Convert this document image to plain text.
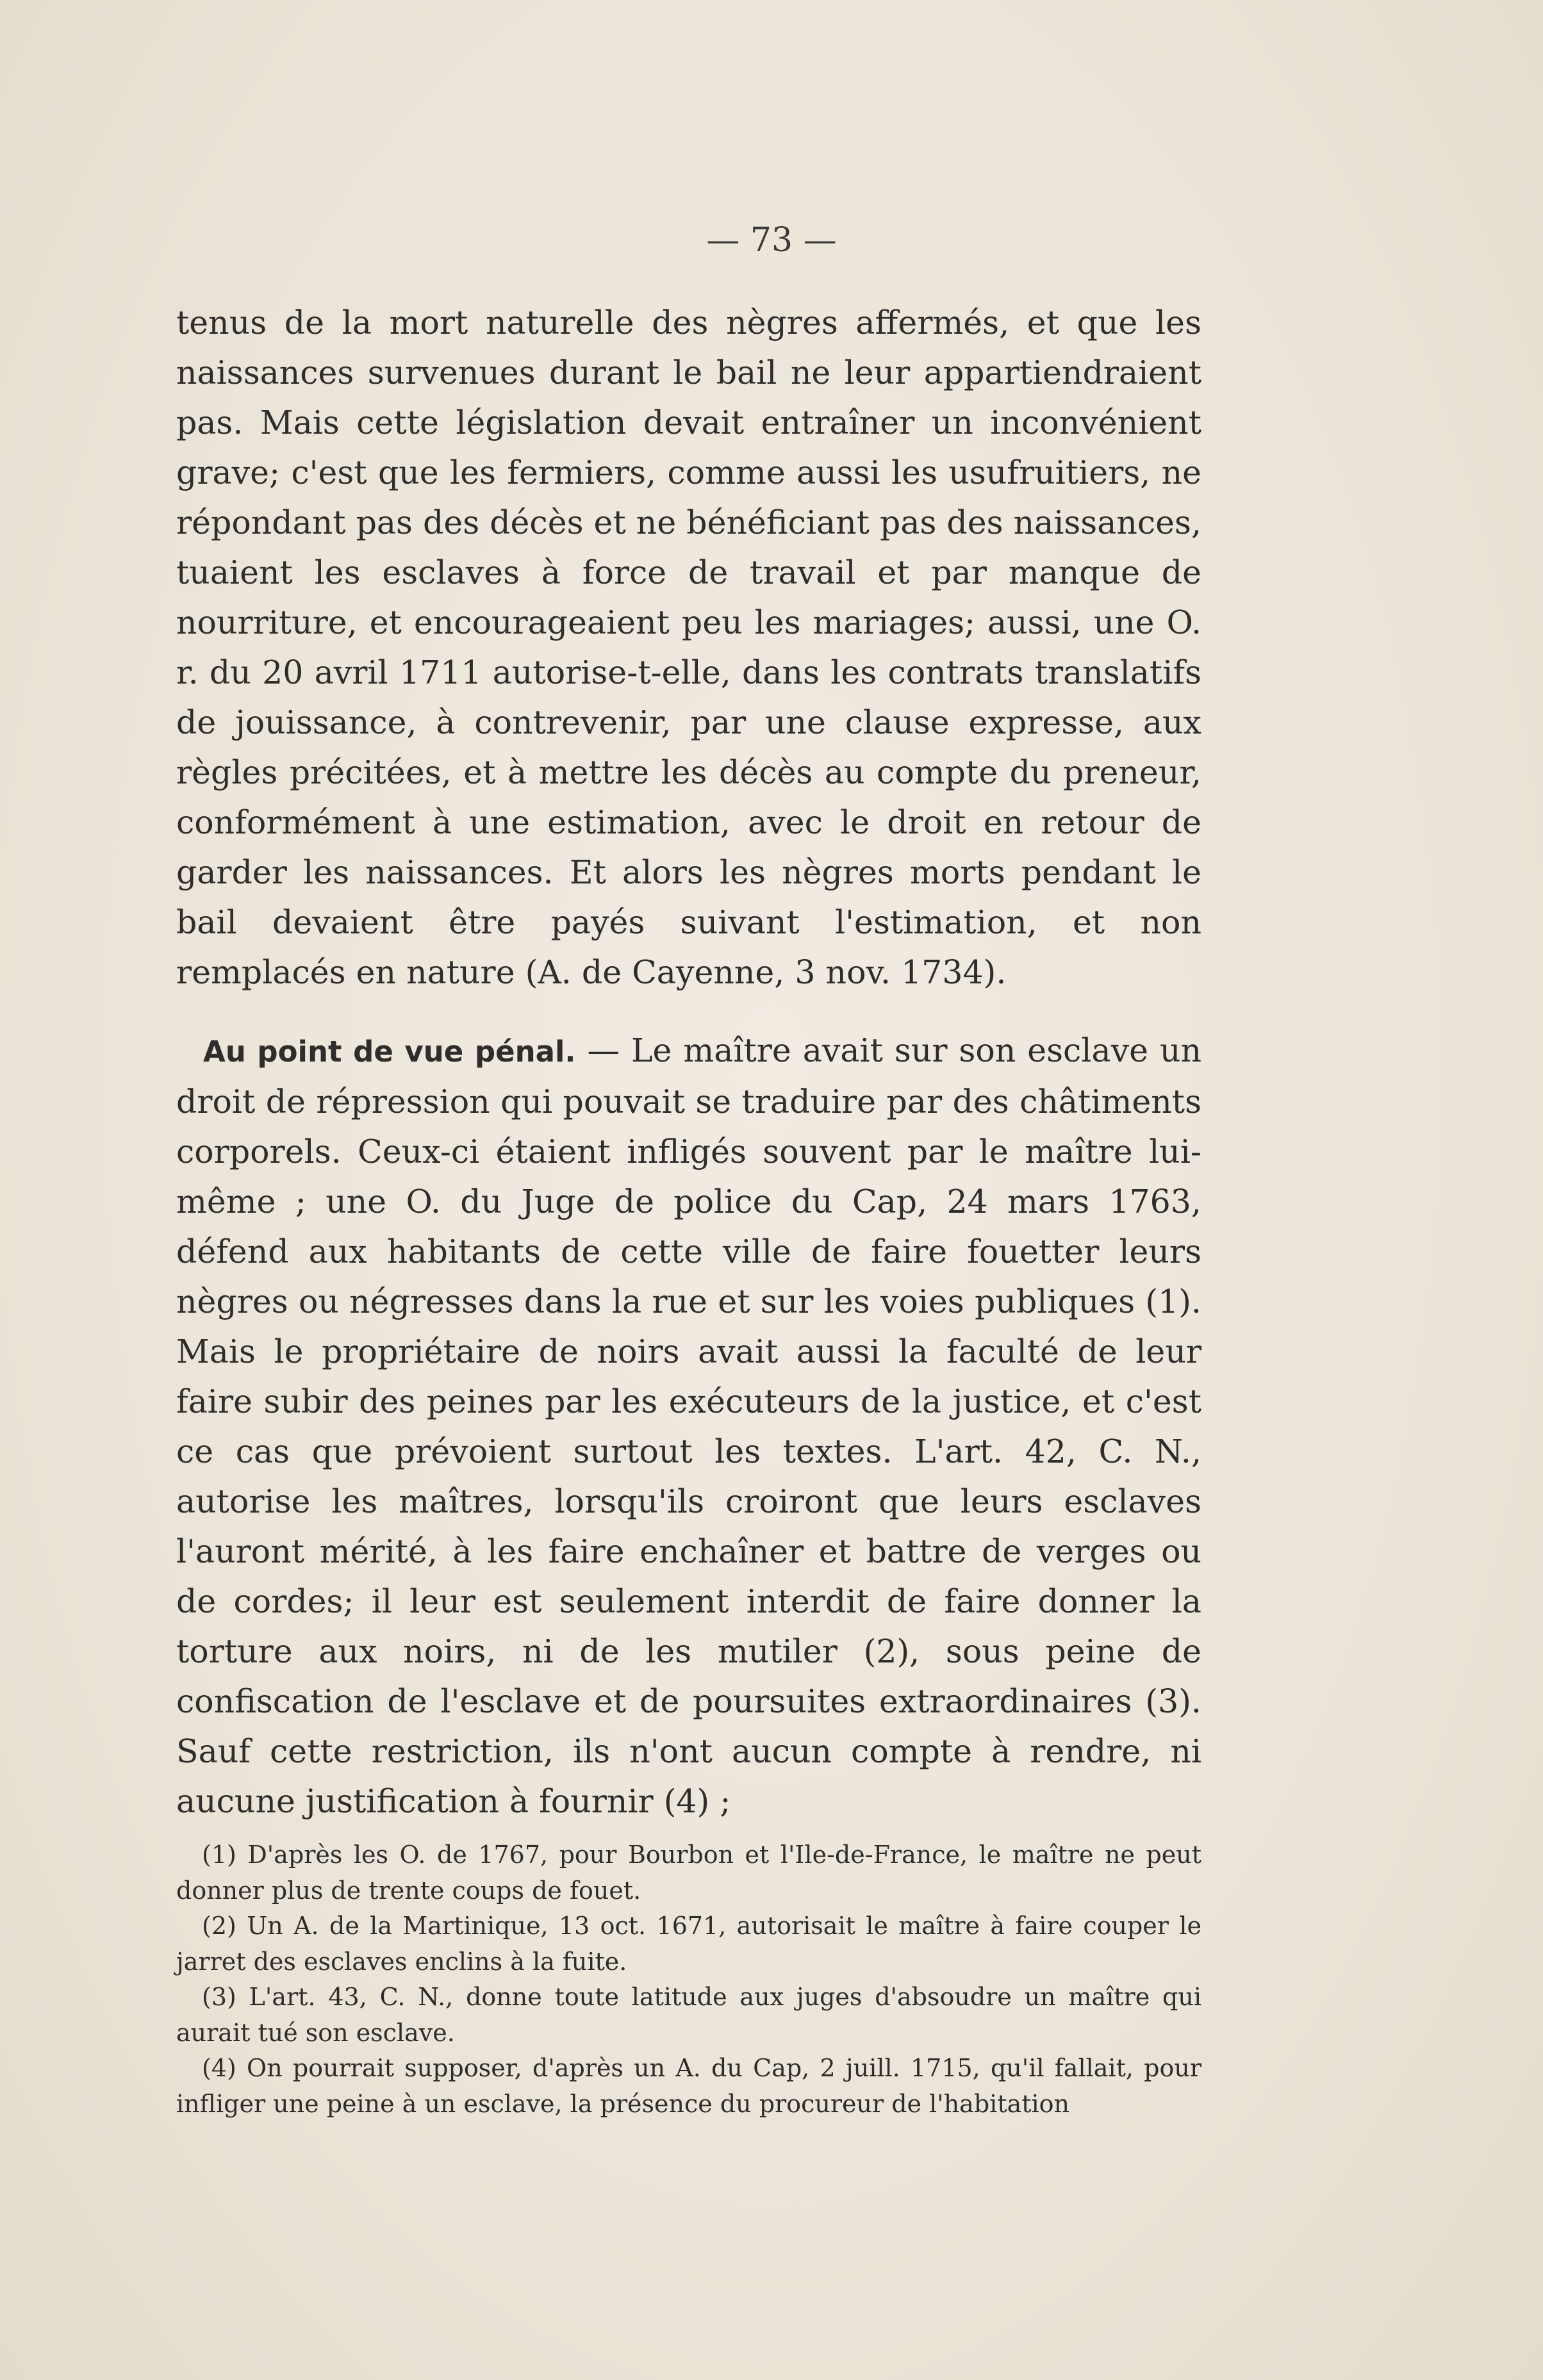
— 73 —

tenus de la mort naturelle des nègres affermés, et que les naissances survenues durant le bail ne leur appartiendraient pas. Mais cette législation devait entraîner un inconvénient grave; c'est que les fermiers, comme aussi les usufruitiers, ne répondant pas des décès et ne bénéficiant pas des naissances, tuaient les esclaves à force de travail et par manque de nourriture, et encourageaient peu les mariages; aussi, une O. r. du 20 avril 1711 autorise-t-elle, dans les contrats translatifs de jouissance, à contrevenir, par une clause expresse, aux règles précitées, et à mettre les décès au compte du preneur, conformément à une estimation, avec le droit en retour de garder les naissances. Et alors les nègres morts pendant le bail devaient être payés suivant l'estimation, et non remplacés en nature (A. de Cayenne, 3 nov. 1734).

Au point de vue pénal. — Le maître avait sur son esclave un droit de répression qui pouvait se traduire par des châtiments corporels. Ceux-ci étaient infligés souvent par le maître lui-même ; une O. du Juge de police du Cap, 24 mars 1763, défend aux habitants de cette ville de faire fouetter leurs nègres ou négresses dans la rue et sur les voies publiques (1). Mais le propriétaire de noirs avait aussi la faculté de leur faire subir des peines par les exécuteurs de la justice, et c'est ce cas que prévoient surtout les textes. L'art. 42, C. N., autorise les maîtres, lorsqu'ils croiront que leurs esclaves l'auront mérité, à les faire enchaîner et battre de verges ou de cordes; il leur est seulement interdit de faire donner la torture aux noirs, ni de les mutiler (2), sous peine de confiscation de l'esclave et de poursuites extraordinaires (3). Sauf cette restriction, ils n'ont aucun compte à rendre, ni aucune justification à fournir (4) ;

(1) D'après les O. de 1767, pour Bourbon et l'Ile-de-France, le maître ne peut donner plus de trente coups de fouet.

(2) Un A. de la Martinique, 13 oct. 1671, autorisait le maître à faire couper le jarret des esclaves enclins à la fuite.

(3) L'art. 43, C. N., donne toute latitude aux juges d'absoudre un maître qui aurait tué son esclave.

(4) On pourrait supposer, d'après un A. du Cap, 2 juill. 1715, qu'il fallait, pour infliger une peine à un esclave, la présence du procureur de l'habitation
